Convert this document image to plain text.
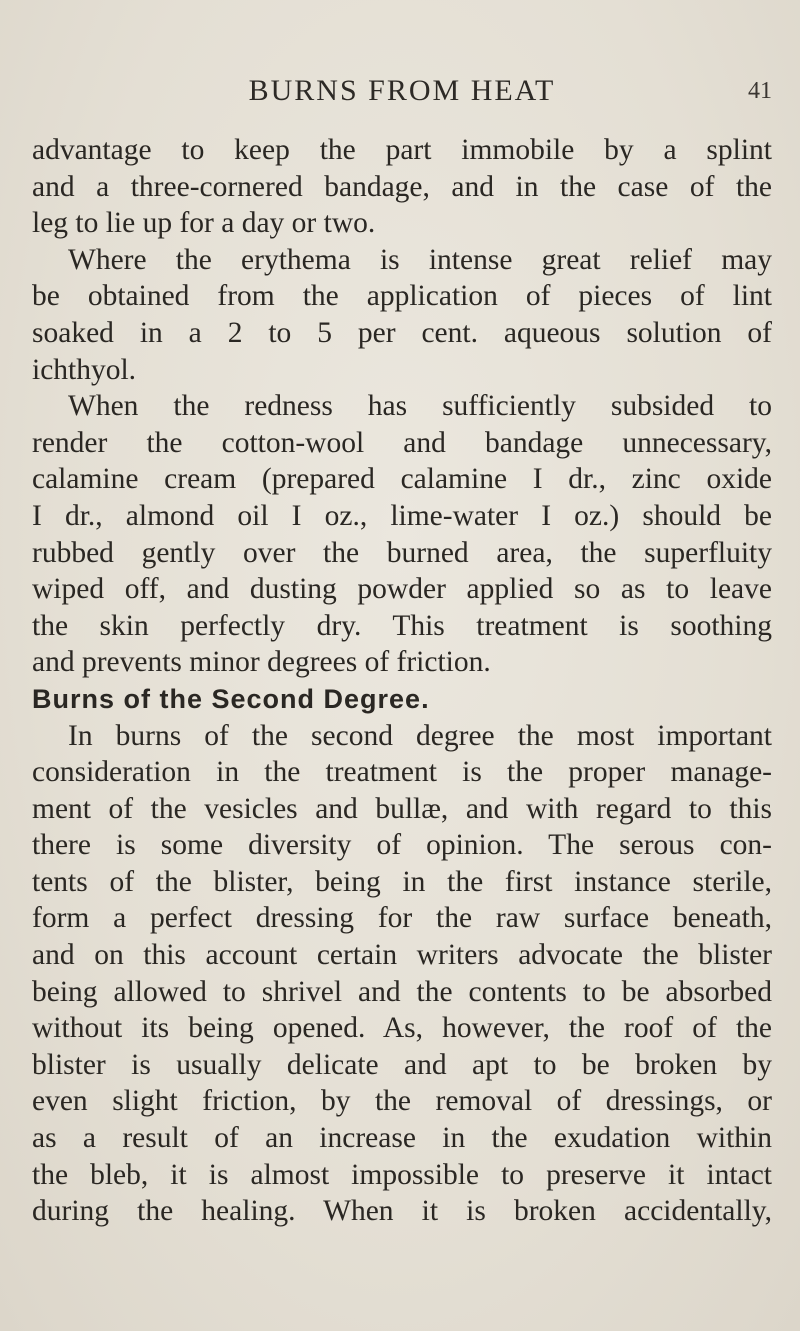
BURNS FROM HEAT	41
advantage to keep the part immobile by a splint
and a three-cornered bandage, and in the case of the
leg to lie up for a day or two.
Where the erythema is intense great relief may
be obtained from the application of pieces of lint
soaked in a 2 to 5 per cent. aqueous solution of
ichthyol.
When the redness has sufficiently subsided to
render the cotton-wool and bandage unnecessary,
calamine cream (prepared calamine I dr., zinc oxide
I dr., almond oil I oz., lime-water I oz.) should be
rubbed gently over the burned area, the superfluity
wiped off, and dusting powder applied so as to leave
the skin perfectly dry. This treatment is soothing
and prevents minor degrees of friction.
Burns of the Second Degree.
In burns of the second degree the most important
consideration in the treatment is the proper manage-
ment of the vesicles and bullæ, and with regard to this
there is some diversity of opinion. The serous con-
tents of the blister, being in the first instance sterile,
form a perfect dressing for the raw surface beneath,
and on this account certain writers advocate the blister
being allowed to shrivel and the contents to be absorbed
without its being opened. As, however, the roof of the
blister is usually delicate and apt to be broken by
even slight friction, by the removal of dressings, or
as a result of an increase in the exudation within
the bleb, it is almost impossible to preserve it intact
during the healing. When it is broken accidentally,
